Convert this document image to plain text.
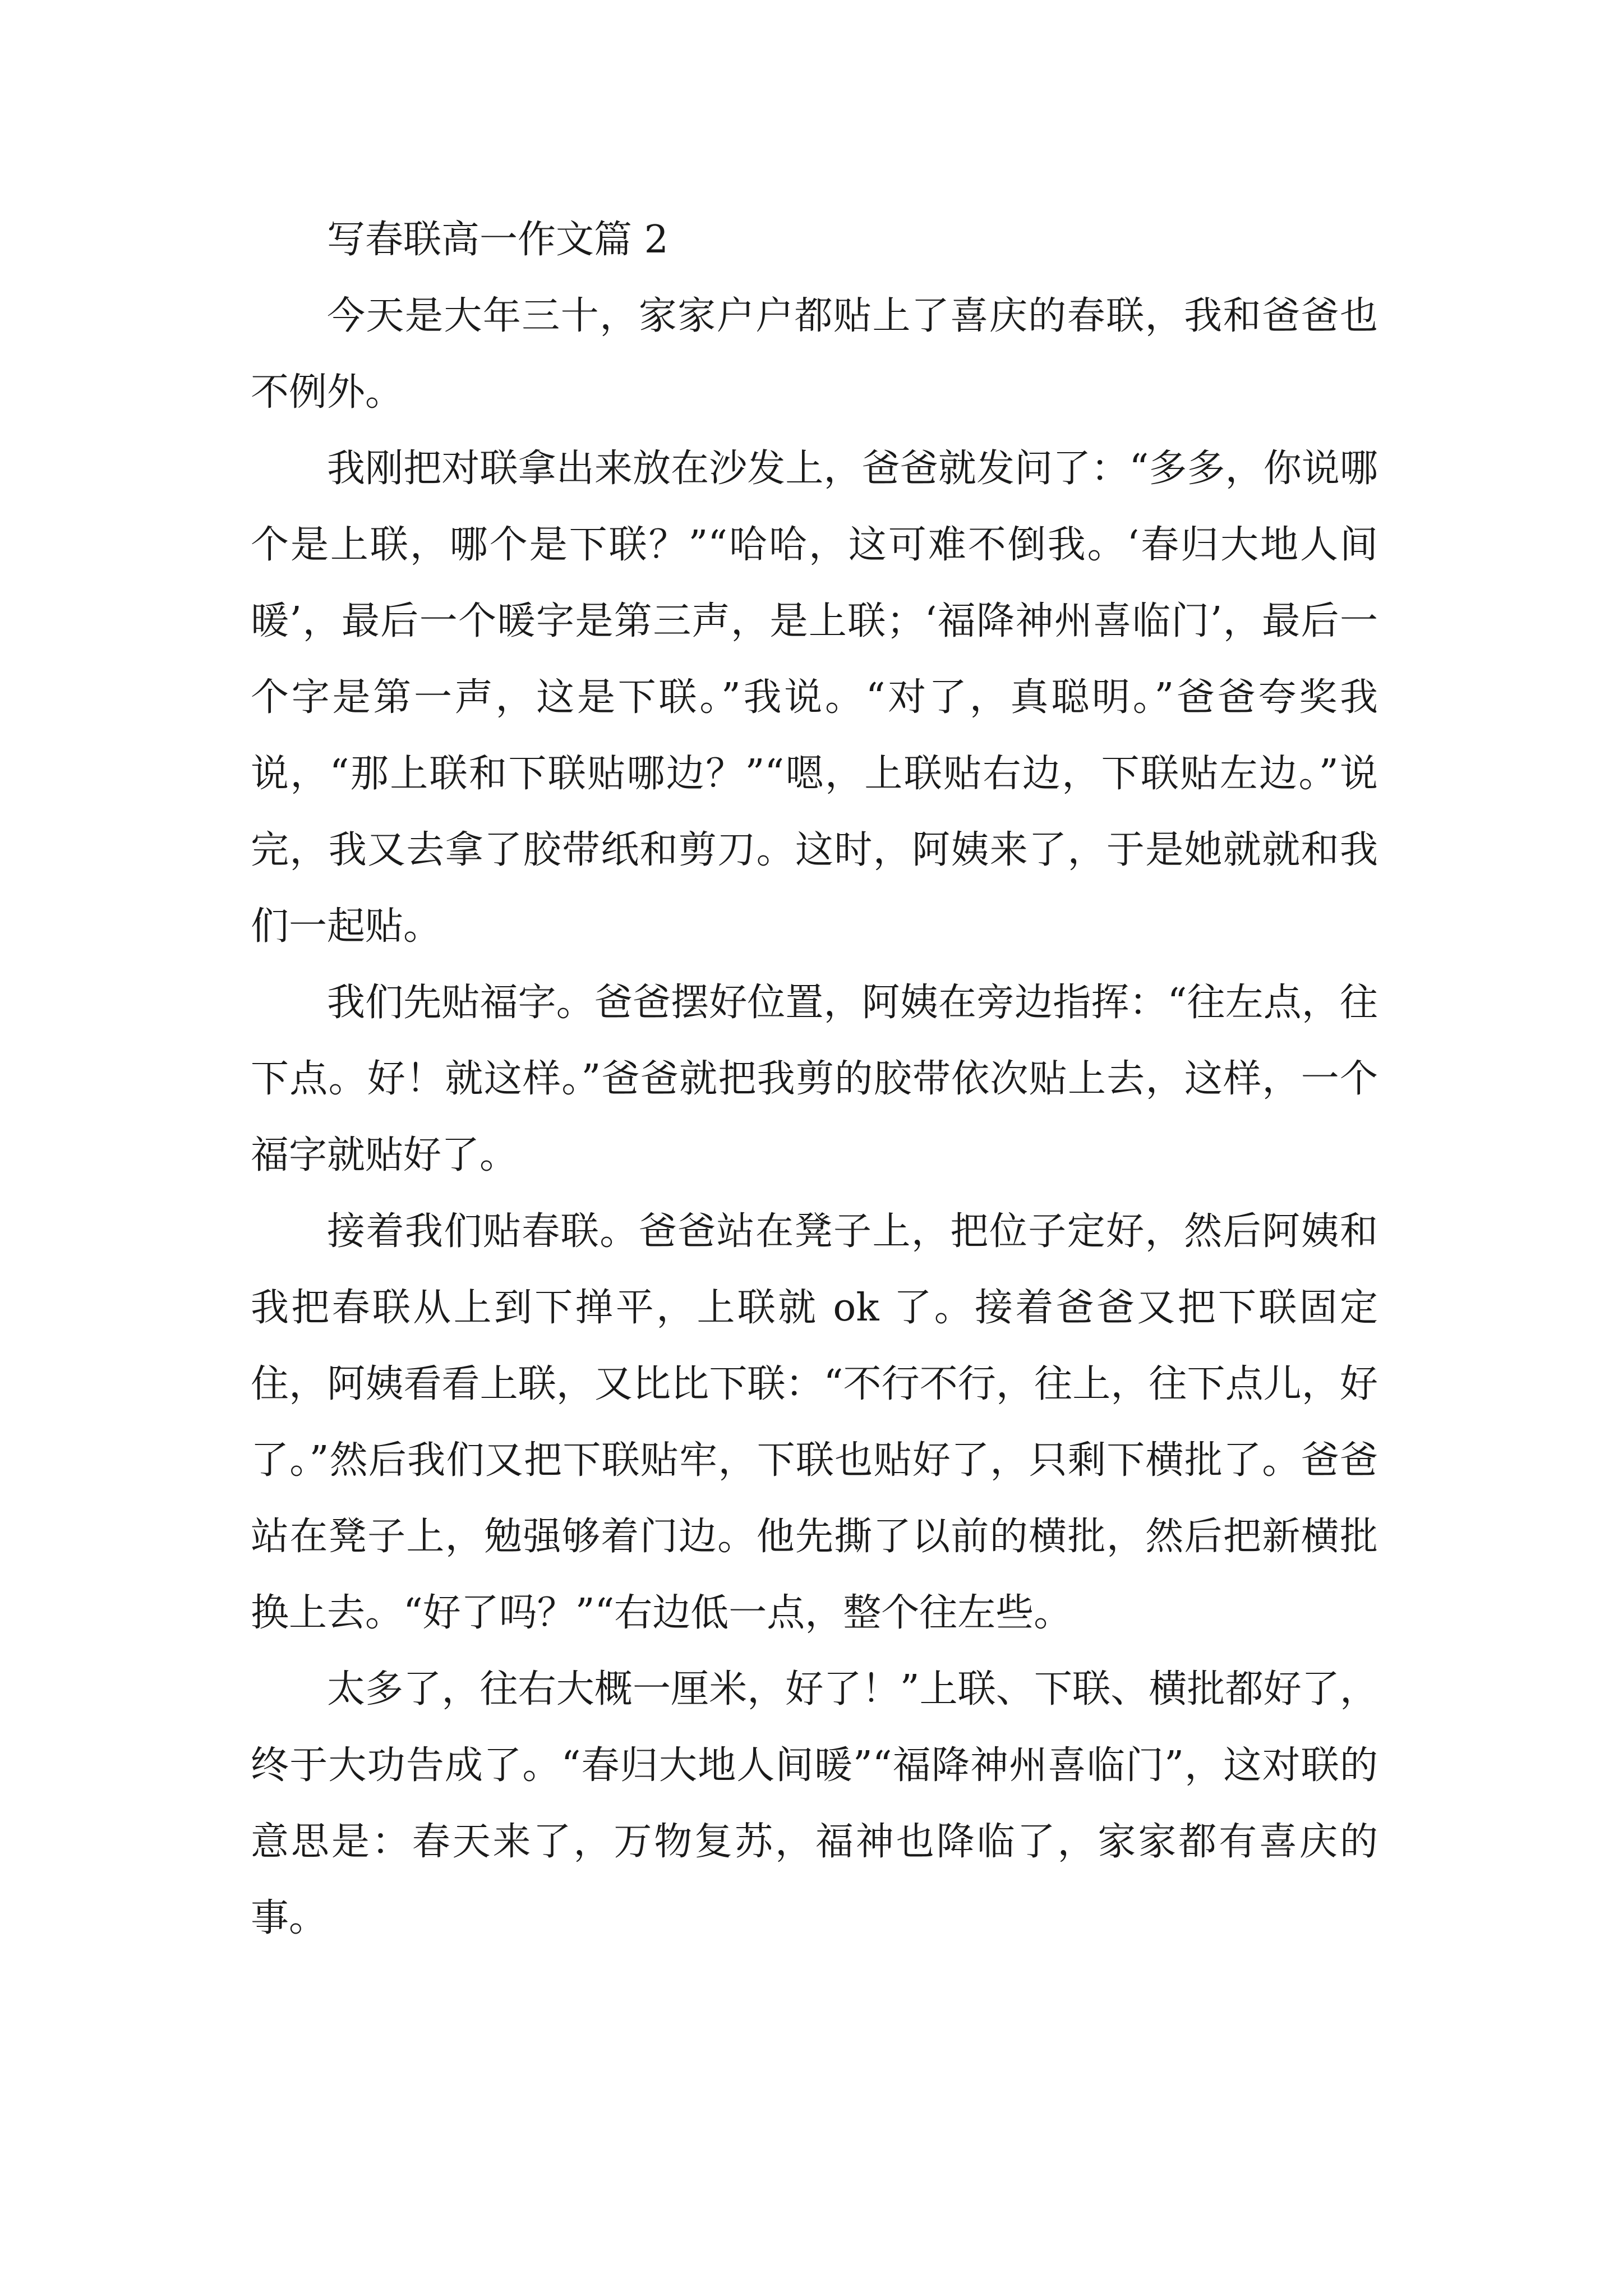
写春联高一作文篇 2

今天是大年三十，家家户户都贴上了喜庆的春联，我和爸爸也不例外。

我刚把对联拿出来放在沙发上，爸爸就发问了：“多多，你说哪个是上联，哪个是下联？”“哈哈，这可难不倒我。‘春归大地人间暖’，最后一个暖字是第三声，是上联；‘福降神州喜临门’，最后一个字是第一声，这是下联。”我说。“对了，真聪明。”爸爸夸奖我说，“那上联和下联贴哪边？”“嗯，上联贴右边，下联贴左边。”说完，我又去拿了胶带纸和剪刀。这时，阿姨来了，于是她就就和我们一起贴。

我们先贴福字。爸爸摆好位置，阿姨在旁边指挥：“往左点，往下点。好！就这样。”爸爸就把我剪的胶带依次贴上去，这样，一个福字就贴好了。

接着我们贴春联。爸爸站在凳子上，把位子定好，然后阿姨和我把春联从上到下掸平，上联就 ok 了。接着爸爸又把下联固定住，阿姨看看上联，又比比下联：“不行不行，往上，往下点儿，好了。”然后我们又把下联贴牢，下联也贴好了，只剩下横批了。爸爸站在凳子上，勉强够着门边。他先撕了以前的横批，然后把新横批换上去。“好了吗？”“右边低一点，整个往左些。

太多了，往右大概一厘米，好了！”上联、下联、横批都好了，终于大功告成了。“春归大地人间暖”“福降神州喜临门”，这对联的意思是：春天来了，万物复苏，福神也降临了，家家都有喜庆的事。
